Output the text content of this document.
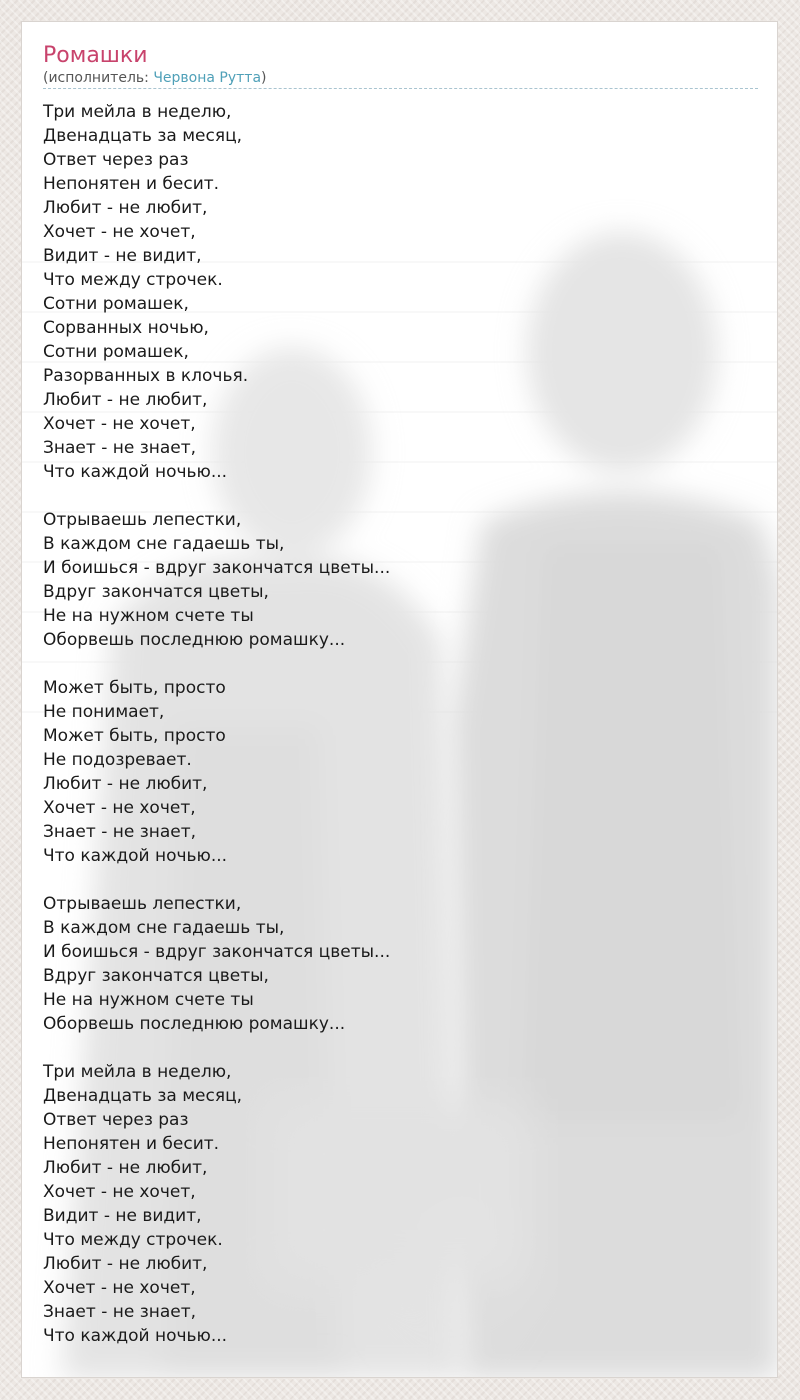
Ромашки
(исполнитель: Червона Рутта)
Три мейла в неделю,
Двенадцать за месяц,
Ответ через раз
Непонятен и бесит.
Любит - не любит,
Хочет - не хочет,
Видит - не видит,
Что между строчек.
Сотни ромашек,
Сорванных ночью,
Сотни ромашек,
Разорванных в клочья.
Любит - не любит,
Хочет - не хочет,
Знает - не знает,
Что каждой ночью...
Отрываешь лепестки,
В каждом сне гадаешь ты,
И боишься - вдруг закончатся цветы...
Вдруг закончатся цветы,
Не на нужном счете ты
Оборвешь последнюю ромашку...
Может быть, просто
Не понимает,
Может быть, просто
Не подозревает.
Любит - не любит,
Хочет - не хочет,
Знает - не знает,
Что каждой ночью...
Отрываешь лепестки,
В каждом сне гадаешь ты,
И боишься - вдруг закончатся цветы...
Вдруг закончатся цветы,
Не на нужном счете ты
Оборвешь последнюю ромашку...
Три мейла в неделю,
Двенадцать за месяц,
Ответ через раз
Непонятен и бесит.
Любит - не любит,
Хочет - не хочет,
Видит - не видит,
Что между строчек.
Любит - не любит,
Хочет - не хочет,
Знает - не знает,
Что каждой ночью...
